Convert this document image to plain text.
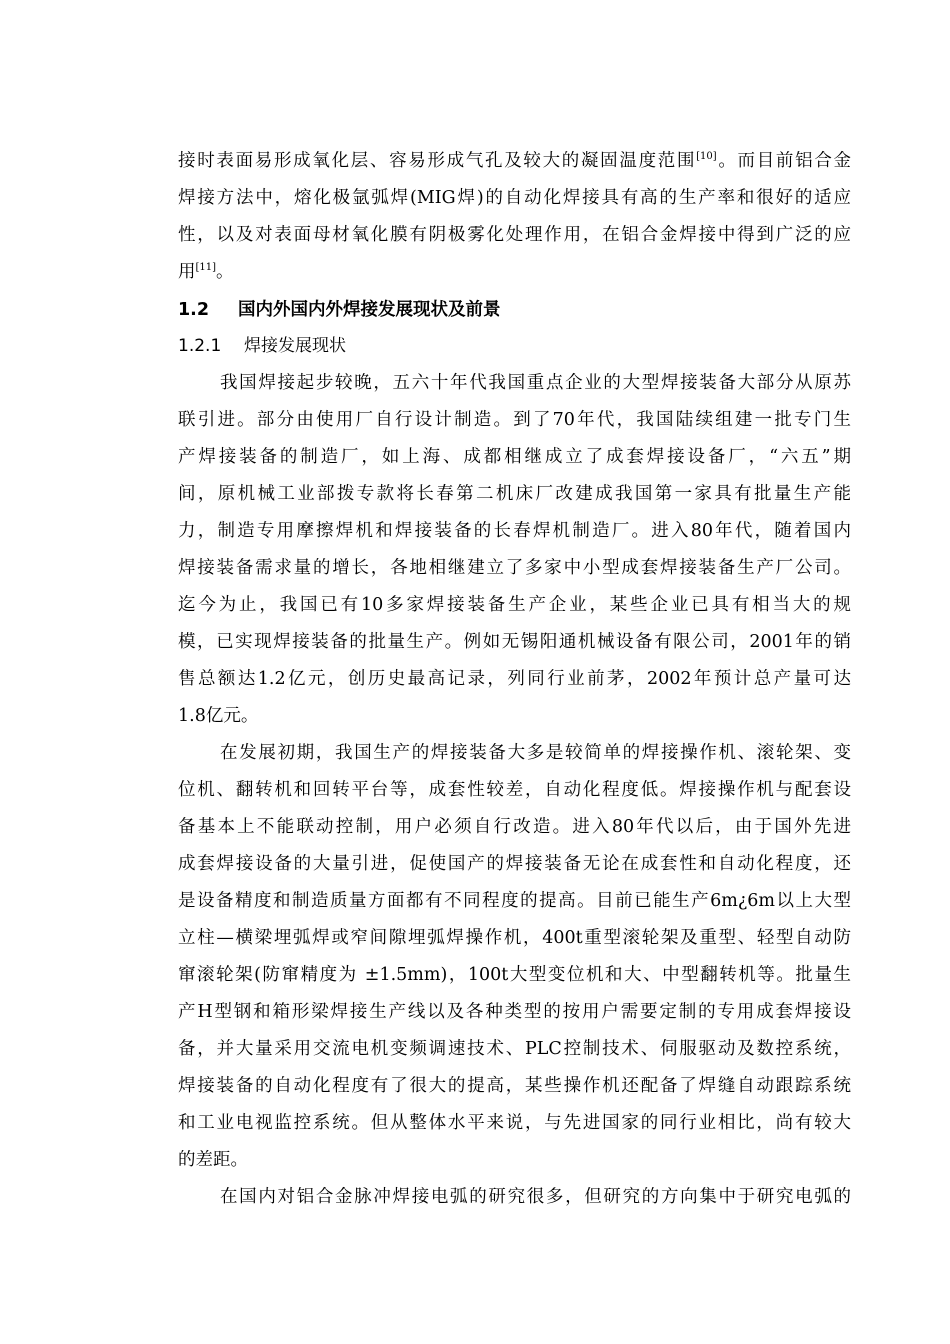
接时表面易形成氧化层、容易形成气孔及较大的凝固温度范围[10]。而目前铝合金
焊接方法中，熔化极氩弧焊(MIG焊)的自动化焊接具有高的生产率和很好的适应
性，以及对表面母材氧化膜有阴极雾化处理作用，在铝合金焊接中得到广泛的应
用[11]。
1.2 国内外国内外焊接发展现状及前景
1.2.1 焊接发展现状
我国焊接起步较晚，五六十年代我国重点企业的大型焊接装备大部分从原苏
联引进。部分由使用厂自行设计制造。到了70年代，我国陆续组建一批专门生
产焊接装备的制造厂，如上海、成都相继成立了成套焊接设备厂，“六五”期
间，原机械工业部拨专款将长春第二机床厂改建成我国第一家具有批量生产能
力，制造专用摩擦焊机和焊接装备的长春焊机制造厂。进入80年代，随着国内
焊接装备需求量的增长，各地相继建立了多家中小型成套焊接装备生产厂公司。
迄今为止，我国已有10多家焊接装备生产企业，某些企业已具有相当大的规
模，已实现焊接装备的批量生产。例如无锡阳通机械设备有限公司，2001年的销
售总额达1.2亿元，创历史最高记录，列同行业前茅，2002年预计总产量可达
1.8亿元。
在发展初期，我国生产的焊接装备大多是较简单的焊接操作机、滚轮架、变
位机、翻转机和回转平台等，成套性较差，自动化程度低。焊接操作机与配套设
备基本上不能联动控制，用户必须自行改造。进入80年代以后，由于国外先进
成套焊接设备的大量引进，促使国产的焊接装备无论在成套性和自动化程度，还
是设备精度和制造质量方面都有不同程度的提高。目前已能生产6m¿6m以上大型
立柱—横梁埋弧焊或窄间隙埋弧焊操作机，400t重型滚轮架及重型、轻型自动防
窜滚轮架(防窜精度为 ±1.5mm)，100t大型变位机和大、中型翻转机等。批量生
产H型钢和箱形梁焊接生产线以及各种类型的按用户需要定制的专用成套焊接设
备，并大量采用交流电机变频调速技术、PLC控制技术、伺服驱动及数控系统，
焊接装备的自动化程度有了很大的提高，某些操作机还配备了焊缝自动跟踪系统
和工业电视监控系统。但从整体水平来说，与先进国家的同行业相比，尚有较大
的差距。
在国内对铝合金脉冲焊接电弧的研究很多，但研究的方向集中于研究电弧的
